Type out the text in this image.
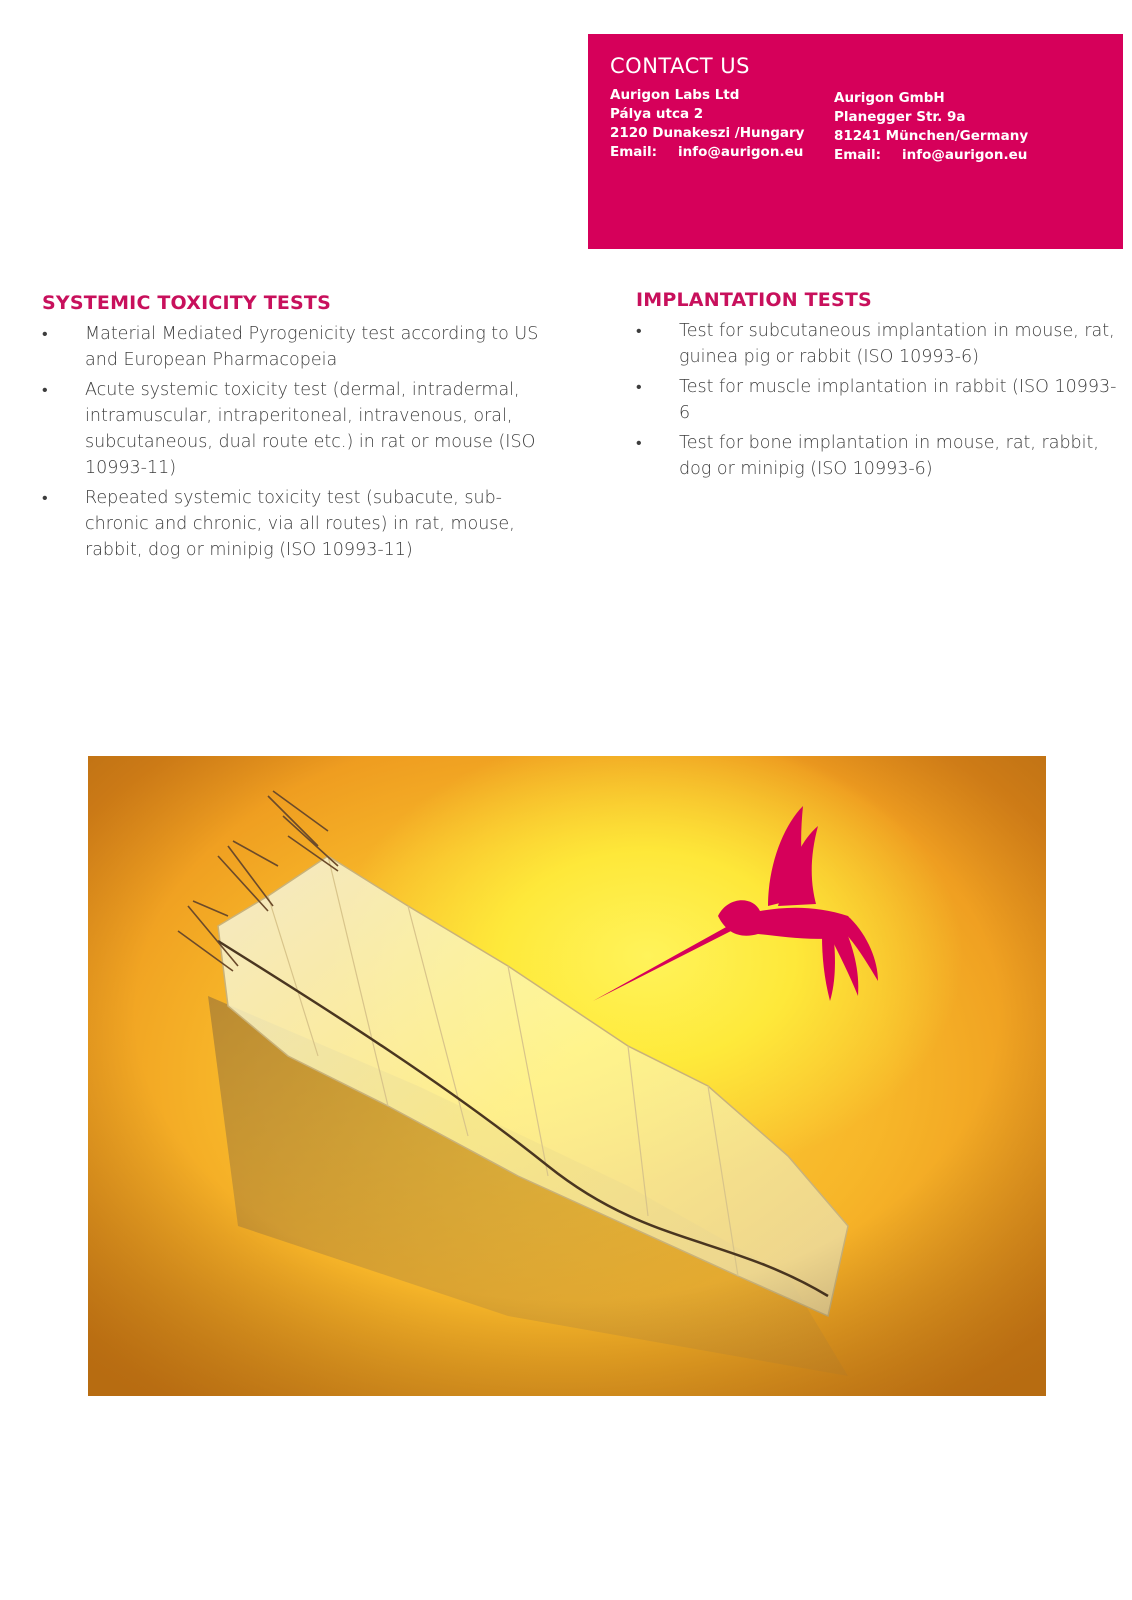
CONTACT US
Aurigon Labs Ltd
Pálya utca 2
2120 Dunakeszi /Hungary
Email: info@aurigon.eu
Aurigon GmbH
Planegger Str. 9a
81241 München/Germany
Email: info@aurigon.eu
SYSTEMIC TOXICITY TESTS
• Material Mediated Pyrogenicity test according to US and European Pharmacopeia
• Acute systemic toxicity test (dermal, intradermal, intramuscular, intraperitoneal, intravenous, oral, subcutaneous, dual route etc.) in rat or mouse (ISO 10993-11)
• Repeated systemic toxicity test (subacute, sub-chronic and chronic, via all routes) in rat, mouse, rabbit, dog or minipig (ISO 10993-11)
IMPLANTATION TESTS
• Test for subcutaneous implantation in mouse, rat, guinea pig or rabbit (ISO 10993-6)
• Test for muscle implantation in rabbit (ISO 10993-6
• Test for bone implantation in mouse, rat, rabbit, dog or minipig (ISO 10993-6)
